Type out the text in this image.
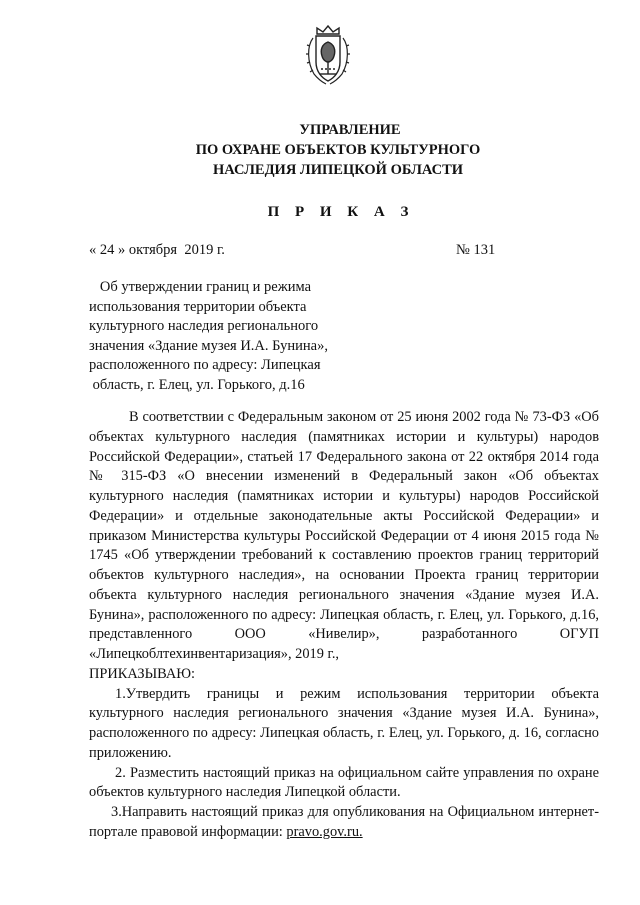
УПРАВЛЕНИЕ
ПО ОХРАНЕ ОБЪЕКТОВ КУЛЬТУРНОГО
НАСЛЕДИЯ ЛИПЕЦКОЙ ОБЛАСТИ
П Р И К А З
« 24 » октября  2019 г.	№ 131
Об утверждении границ и режима
использования территории объекта
культурного наследия регионального
значения «Здание музея И.А. Бунина»,
расположенного по адресу: Липецкая
область, г. Елец, ул. Горького, д.16

В соответствии с Федеральным законом от 25 июня 2002 года № 73-ФЗ «Об объектах культурного наследия (памятниках истории и культуры) народов Российской Федерации», статьей 17 Федерального закона от 22 октября 2014 года № 315-ФЗ «О внесении изменений в Федеральный закон «Об объектах культурного наследия (памятниках истории и культуры) народов Российской Федерации» и отдельные законодательные акты Российской Федерации» и приказом Министерства культуры Российской Федерации от 4 июня 2015 года № 1745 «Об утверждении требований к составлению проектов границ территорий объектов культурного наследия», на основании Проекта границ территории объекта культурного наследия регионального значения «Здание музея И.А. Бунина», расположенного по адресу: Липецкая область, г. Елец, ул. Горького, д.16, представленного ООО «Нивелир», разработанного ОГУП «Липецкоблтехинвентаризация», 2019 г.,

ПРИКАЗЫВАЮ:

1.Утвердить границы и режим использования территории объекта культурного наследия регионального значения «Здание музея И.А. Бунина», расположенного по адресу: Липецкая область, г. Елец, ул. Горького, д. 16, согласно приложению.

2. Разместить настоящий приказ на официальном сайте управления по охране объектов культурного наследия Липецкой области.

3.Направить настоящий приказ для опубликования на Официальном интернет-портале правовой информации: pravo.gov.ru.
